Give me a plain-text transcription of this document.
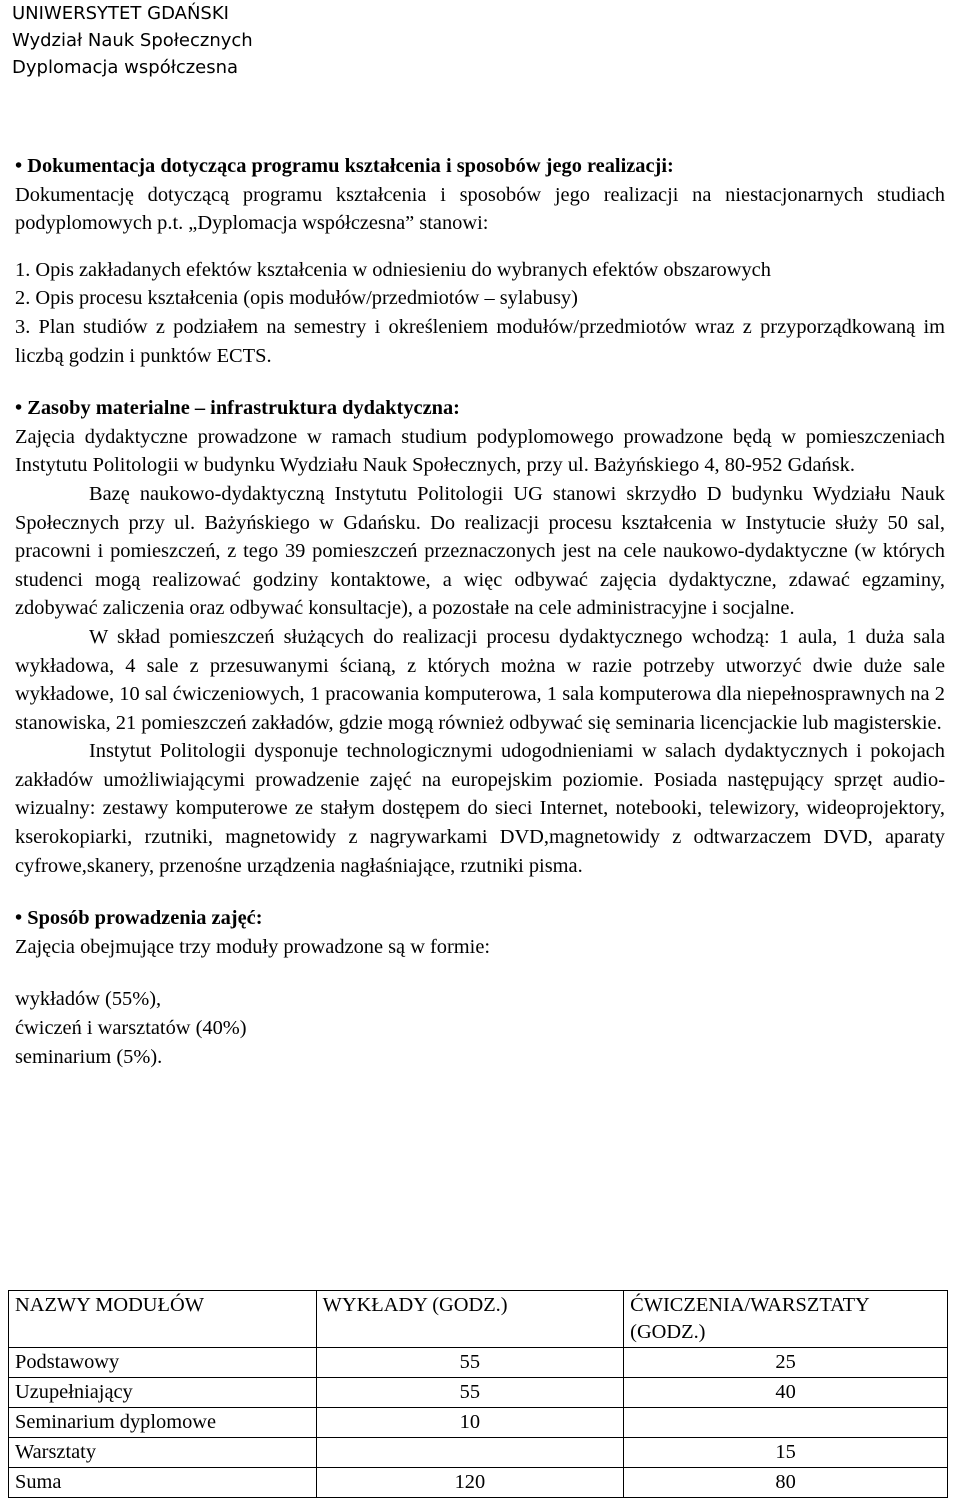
UNIWERSYTET GDAŃSKI
Wydział Nauk Społecznych
Dyplomacja współczesna

• Dokumentacja dotycząca programu kształcenia i sposobów jego realizacji:

Dokumentację dotyczącą programu kształcenia i sposobów jego realizacji na niestacjonarnych studiach podyplomowych p.t. „Dyplomacja współczesna” stanowi:

1. Opis zakładanych efektów kształcenia w odniesieniu do wybranych efektów obszarowych

2. Opis procesu kształcenia (opis modułów/przedmiotów – sylabusy)

3. Plan studiów z podziałem na semestry i określeniem modułów/przedmiotów wraz z przyporządkowaną im liczbą godzin i punktów ECTS.

• Zasoby materialne – infrastruktura dydaktyczna:

Zajęcia dydaktyczne prowadzone w ramach studium podyplomowego prowadzone będą w pomieszczeniach Instytutu Politologii w budynku Wydziału Nauk Społecznych, przy ul. Bażyńskiego 4, 80-952 Gdańsk.

Bazę naukowo-dydaktyczną Instytutu Politologii UG stanowi skrzydło D budynku Wydziału Nauk Społecznych przy ul. Bażyńskiego w Gdańsku. Do realizacji procesu kształcenia w Instytucie służy 50 sal, pracowni i pomieszczeń, z tego 39 pomieszczeń przeznaczonych jest na cele naukowo-dydaktyczne (w których studenci mogą realizować godziny kontaktowe, a więc odbywać zajęcia dydaktyczne, zdawać egzaminy, zdobywać zaliczenia oraz odbywać konsultacje), a pozostałe na cele administracyjne i socjalne.

W skład pomieszczeń służących do realizacji procesu dydaktycznego wchodzą: 1 aula, 1 duża sala wykładowa, 4 sale z przesuwanymi ścianą, z których można w razie potrzeby utworzyć dwie duże sale wykładowe, 10 sal ćwiczeniowych, 1 pracowania komputerowa, 1 sala komputerowa dla niepełnosprawnych na 2 stanowiska, 21 pomieszczeń zakładów, gdzie mogą również odbywać się seminaria licencjackie lub magisterskie.

Instytut Politologii dysponuje technologicznymi udogodnieniami w salach dydaktycznych i pokojach zakładów umożliwiającymi prowadzenie zajęć na europejskim poziomie. Posiada następujący sprzęt audio-wizualny: zestawy komputerowe ze stałym dostępem do sieci Internet, notebooki, telewizory, wideoprojektory, kserokopiarki, rzutniki, magnetowidy z nagrywarkami DVD,magnetowidy z odtwarzaczem DVD, aparaty cyfrowe,skanery, przenośne urządzenia nagłaśniające, rzutniki pisma.

• Sposób prowadzenia zajęć:

Zajęcia obejmujące trzy moduły prowadzone są w formie:

wykładów (55%),

ćwiczeń i warsztatów (40%)

seminarium (5%).

NAZWY MODUŁÓW	WYKŁADY (GODZ.)	ĆWICZENIA/WARSZTATY (GODZ.)
Podstawowy	55	25
Uzupełniający	55	40
Seminarium dyplomowe	10	
Warsztaty		15
Suma	120	80
